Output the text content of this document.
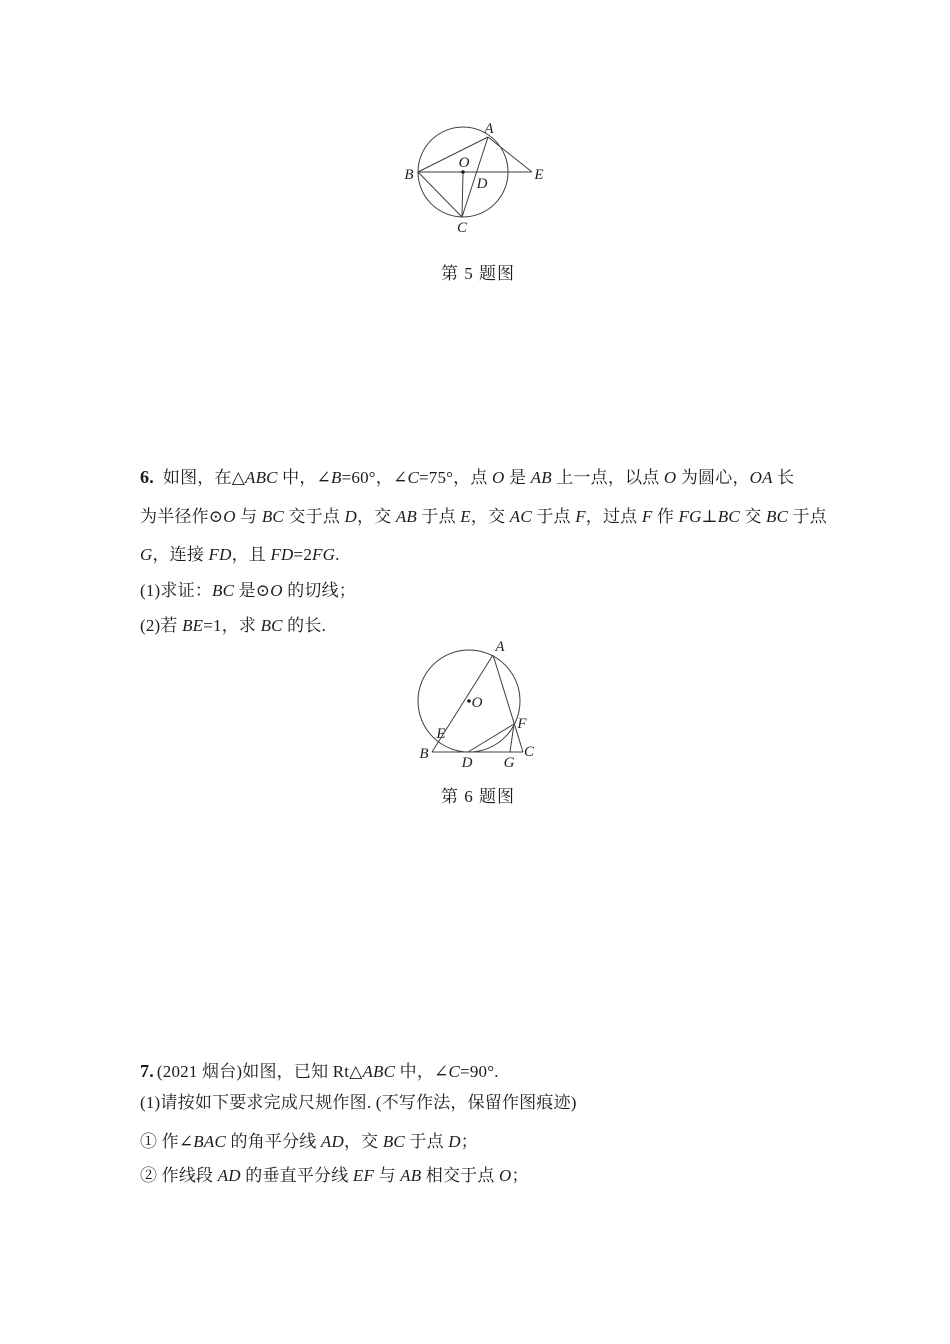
A
B
C
D
E
O
第 5 题图
6. 如图，在△ABC 中，∠B=60°，∠C=75°，点 O 是 AB 上一点，以点 O 为圆心，OA 长
为半径作⊙O 与 BC 交于点 D，交 AB 于点 E，交 AC 于点 F，过点 F 作 FG⊥BC 交 BC 于点
G，连接 FD，且 FD=2FG.
(1)求证：BC 是⊙O 的切线；
(2)若 BE=1，求 BC 的长.
A
B	C
D
E
F
G
O
第 6 题图
7. (2021 烟台)如图，已知 Rt△ABC 中，∠C=90°.
(1)请按如下要求完成尺规作图. (不写作法，保留作图痕迹)
① 作∠BAC 的角平分线 AD，交 BC 于点 D；
② 作线段 AD 的垂直平分线 EF 与 AB 相交于点 O；
